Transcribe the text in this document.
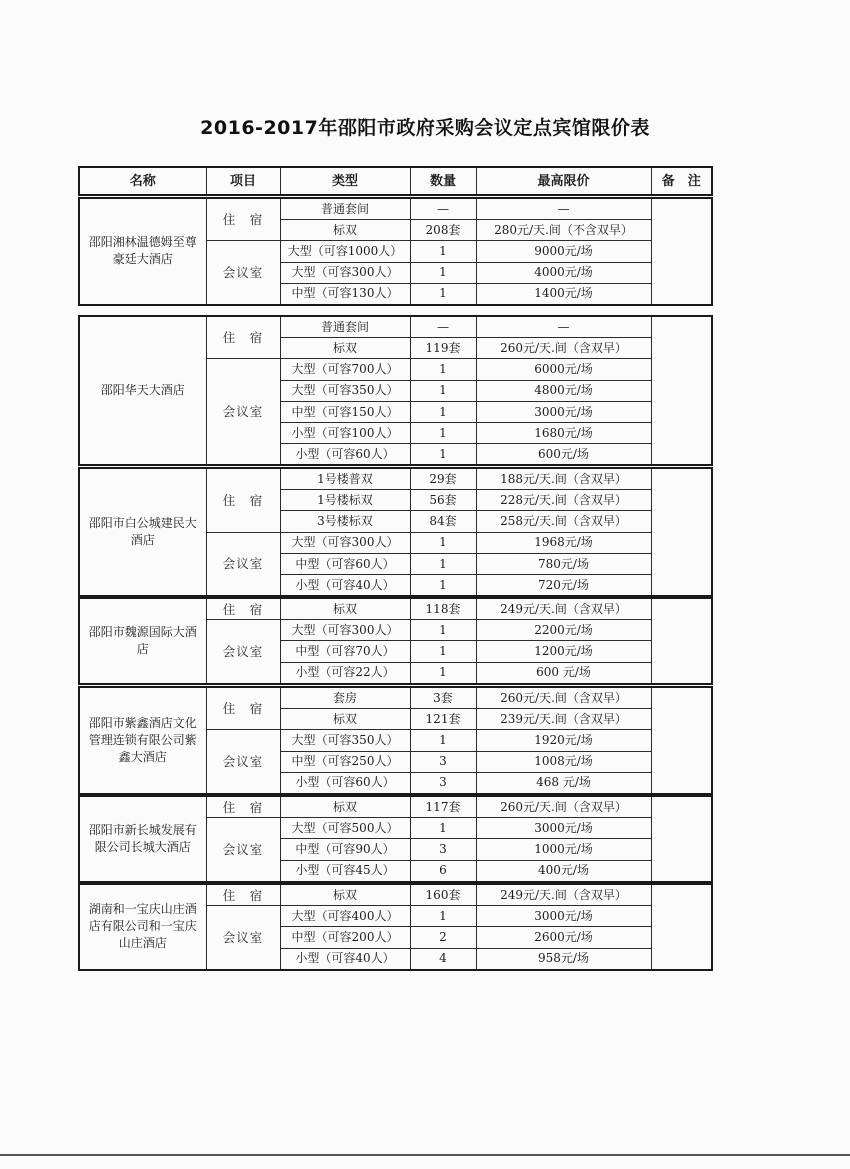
2016-2017年邵阳市政府采购会议定点宾馆限价表
名称	项目	类型	数量	最高限价	备　注
邵阳湘林温德姆至尊豪廷大酒店	住　宿	普通套间	—	—	
		标双	208套	280元/天.间（不含双早）	
	会议室	大型（可容1000人）	1	9000元/场	
		大型（可容300人）	1	4000元/场	
		中型（可容130人）	1	1400元/场	
邵阳华天大酒店	住　宿	普通套间	—	—	
		标双	119套	260元/天.间（含双早）	
	会议室	大型（可容700人）	1	6000元/场	
		大型（可容350人）	1	4800元/场	
		中型（可容150人）	1	3000元/场	
		小型（可容100人）	1	1680元/场	
		小型（可容60人）	1	600元/场	
邵阳市白公城建民大酒店	住　宿	1号楼普双	29套	188元/天.间（含双早）	
		1号楼标双	56套	228元/天.间（含双早）	
		3号楼标双	84套	258元/天.间（含双早）	
	会议室	大型（可容300人）	1	1968元/场	
		中型（可容60人）	1	780元/场	
		小型（可容40人）	1	720元/场	
邵阳市魏源国际大酒店	住　宿	标双	118套	249元/天.间（含双早）	
	会议室	大型（可容300人）	1	2200元/场	
		中型（可容70人）	1	1200元/场	
		小型（可容22人）	1	600 元/场	
邵阳市紫鑫酒店文化管理连锁有限公司紫鑫大酒店	住　宿	套房	3套	260元/天.间（含双早）	
		标双	121套	239元/天.间（含双早）	
	会议室	大型（可容350人）	1	1920元/场	
		中型（可容250人）	3	1008元/场	
		小型（可容60人）	3	468 元/场	
邵阳市新长城发展有限公司长城大酒店	住　宿	标双	117套	260元/天.间（含双早）	
	会议室	大型（可容500人）	1	3000元/场	
		中型（可容90人）	3	1000元/场	
		小型（可容45人）	6	400元/场	
湖南和一宝庆山庄酒店有限公司和一宝庆山庄酒店	住　宿	标双	160套	249元/天.间（含双早）	
	会议室	大型（可容400人）	1	3000元/场	
		中型（可容200人）	2	2600元/场	
		小型（可容40人）	4	958元/场	
